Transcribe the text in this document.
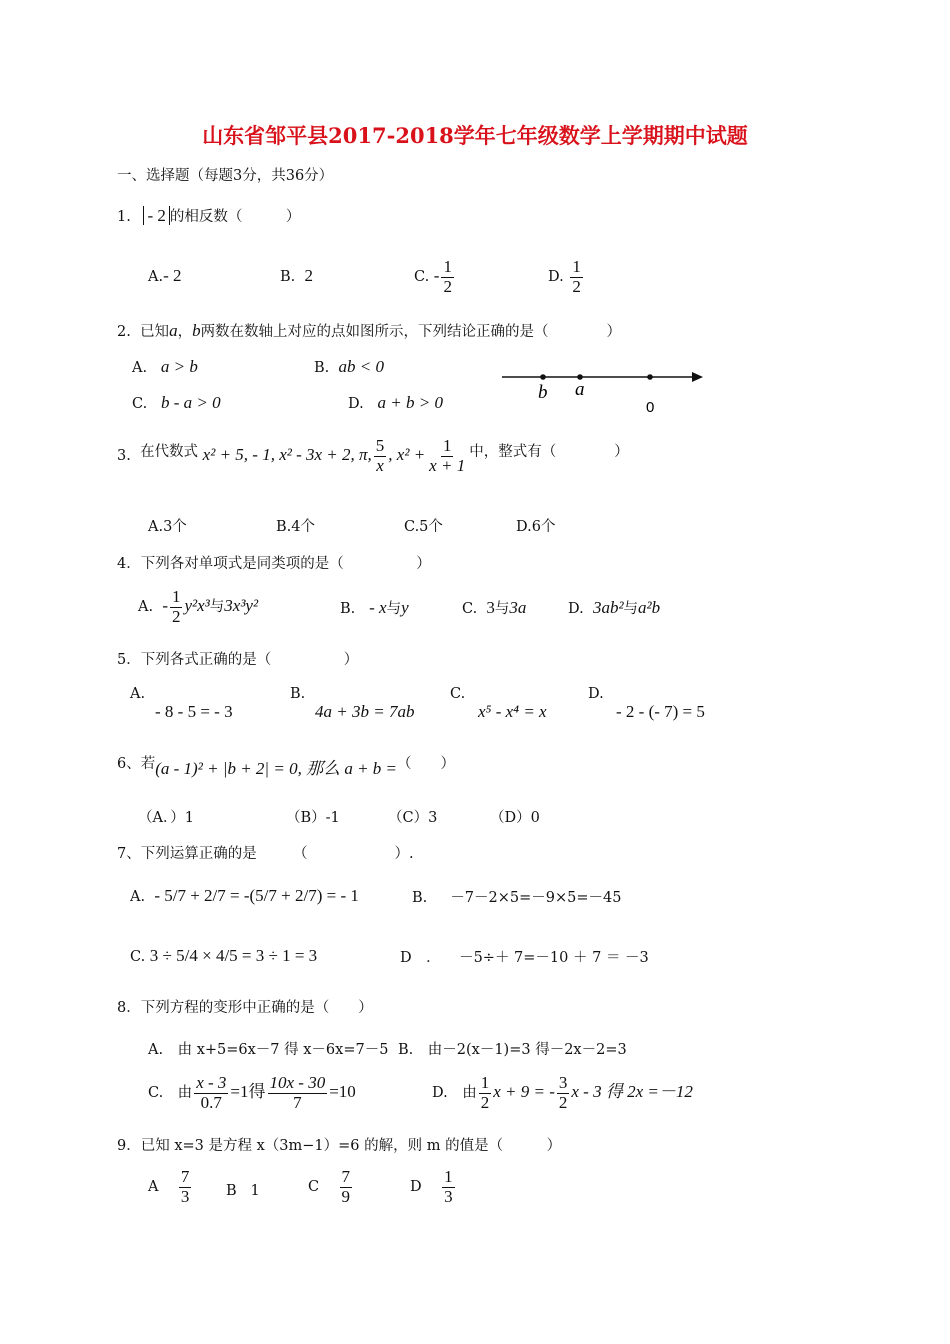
山东省邹平县2017-2018学年七年级数学上学期期中试题
一、选择题（每题3分，共36分）
1. - 2 的相反数（　　　）
A.- 2	B. 2	C. - $\frac{1}{2}$	D. $\frac{1}{2}$
2. 已知a，b两数在数轴上对应的点如图所示，下列结论正确的是（　　　　）
A. a > b	B. ab < 0
C. b - a > 0	D. a + b > 0	b a
0
3. 在代数式 x² + 5, - 1, x² - 3x + 2, π, $\frac{5}{x}$ , $x^2 + \frac{1}{x + 1}$ 中，整式有（　　　　）
A.3个	B.4个	C.5个	D.6个
4．下列各对单项式是同类项的是（　　　　　）
A. - $\frac{1}{2} y^2x^3$与3x³y²	B. - x与y	C. 3与3a	D. 3ab²与a²b
5．下列各式正确的是（　　　　　）
A.
- 8 - 5 = - 3
B.
4a + 3b = 7ab
C.
x⁵ - x⁴ = x
D.
- 2 - (- 7) = 5
6、若(a - 1)² + |b + 2| = 0, 那么 a + b =（　　）
（A．）1	（B）-1	（C）3	（D）0
7、下列运算正确的是　　　（　　　　　　）.
A. - 5/7 + 2/7 = -(5/7 + 2/7) = - 1	B. －7－2×5=－9×5=－45
C. 3 ÷ 5/4 × 4/5 = 3 ÷ 1 = 3	D　． －5÷＋ 7=－10 ＋ 7 ＝ －3
8．下列方程的变形中正确的是（　　）
A.　由 x+5=6x－7 得 x－6x=7－5 B.　由－2(x－1)=3 得－2x－2=3
C.　由 $\frac{x - 3}{0.7} =1$得 $\frac{10x - 30}{7} =10$	D.　由 $\frac{1}{2}$ x + 9 = - $\frac{3}{2}$ x - 3 得 2x =－12
9．已知 x=3 是方程 x（3m−1）=6 的解，则 m 的值是（　　　）
A $\frac{7}{3}$ B 1	C $\frac{7}{9}$	D $\frac{1}{3}$
